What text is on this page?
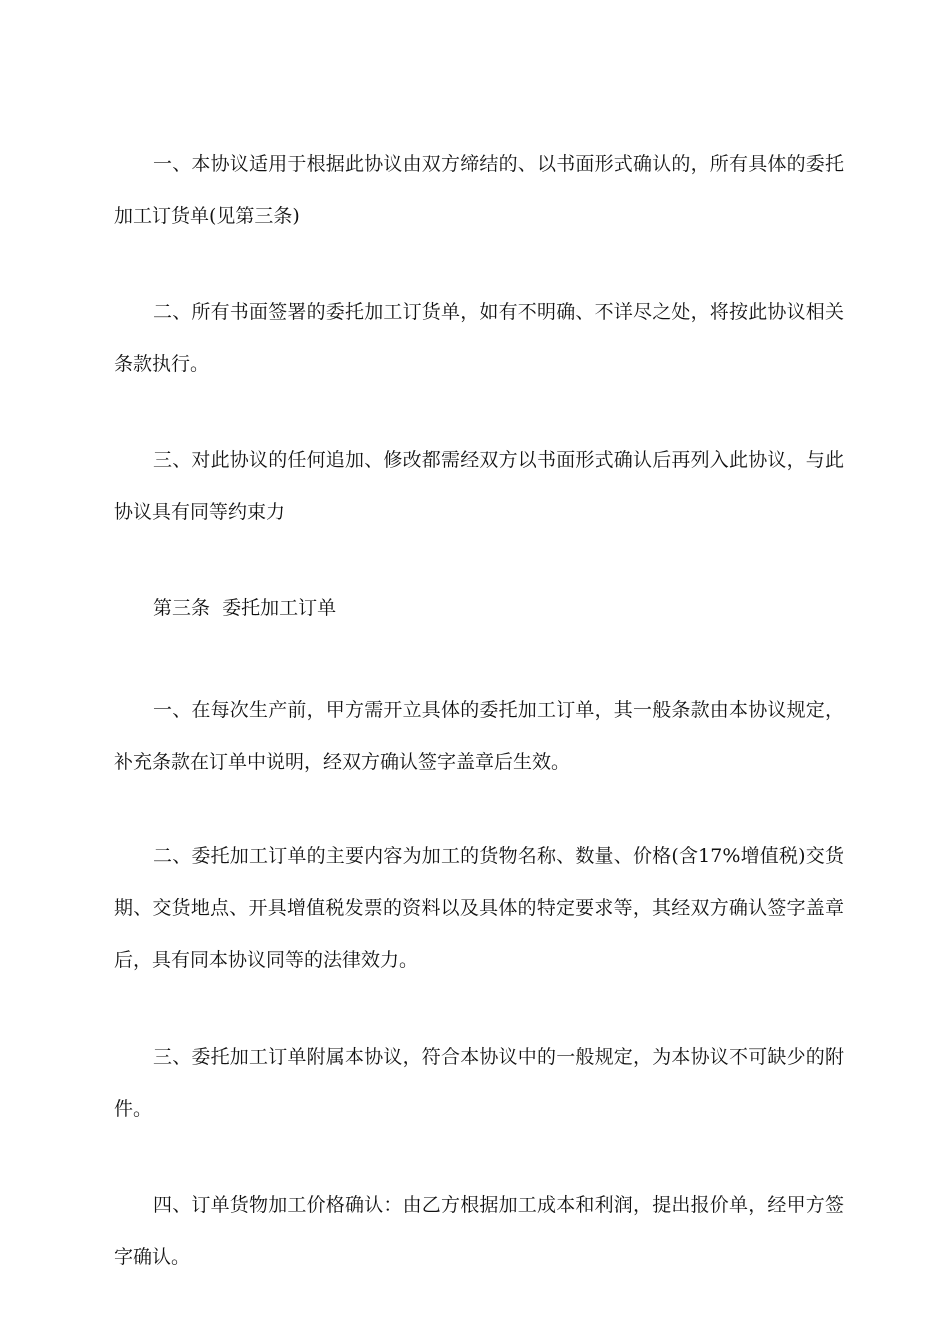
一、本协议适用于根据此协议由双方缔结的、以书面形式确认的，所有具体的委托加工订货单(见第三条)

二、所有书面签署的委托加工订货单，如有不明确、不详尽之处，将按此协议相关条款执行。

三、对此协议的任何追加、修改都需经双方以书面形式确认后再列入此协议，与此协议具有同等约束力

第三条  委托加工订单

一、在每次生产前，甲方需开立具体的委托加工订单，其一般条款由本协议规定，补充条款在订单中说明，经双方确认签字盖章后生效。

二、委托加工订单的主要内容为加工的货物名称、数量、价格(含17%增值税)交货期、交货地点、开具增值税发票的资料以及具体的特定要求等，其经双方确认签字盖章后，具有同本协议同等的法律效力。

三、委托加工订单附属本协议，符合本协议中的一般规定，为本协议不可缺少的附件。

四、订单货物加工价格确认：由乙方根据加工成本和利润，提出报价单，经甲方签字确认。
